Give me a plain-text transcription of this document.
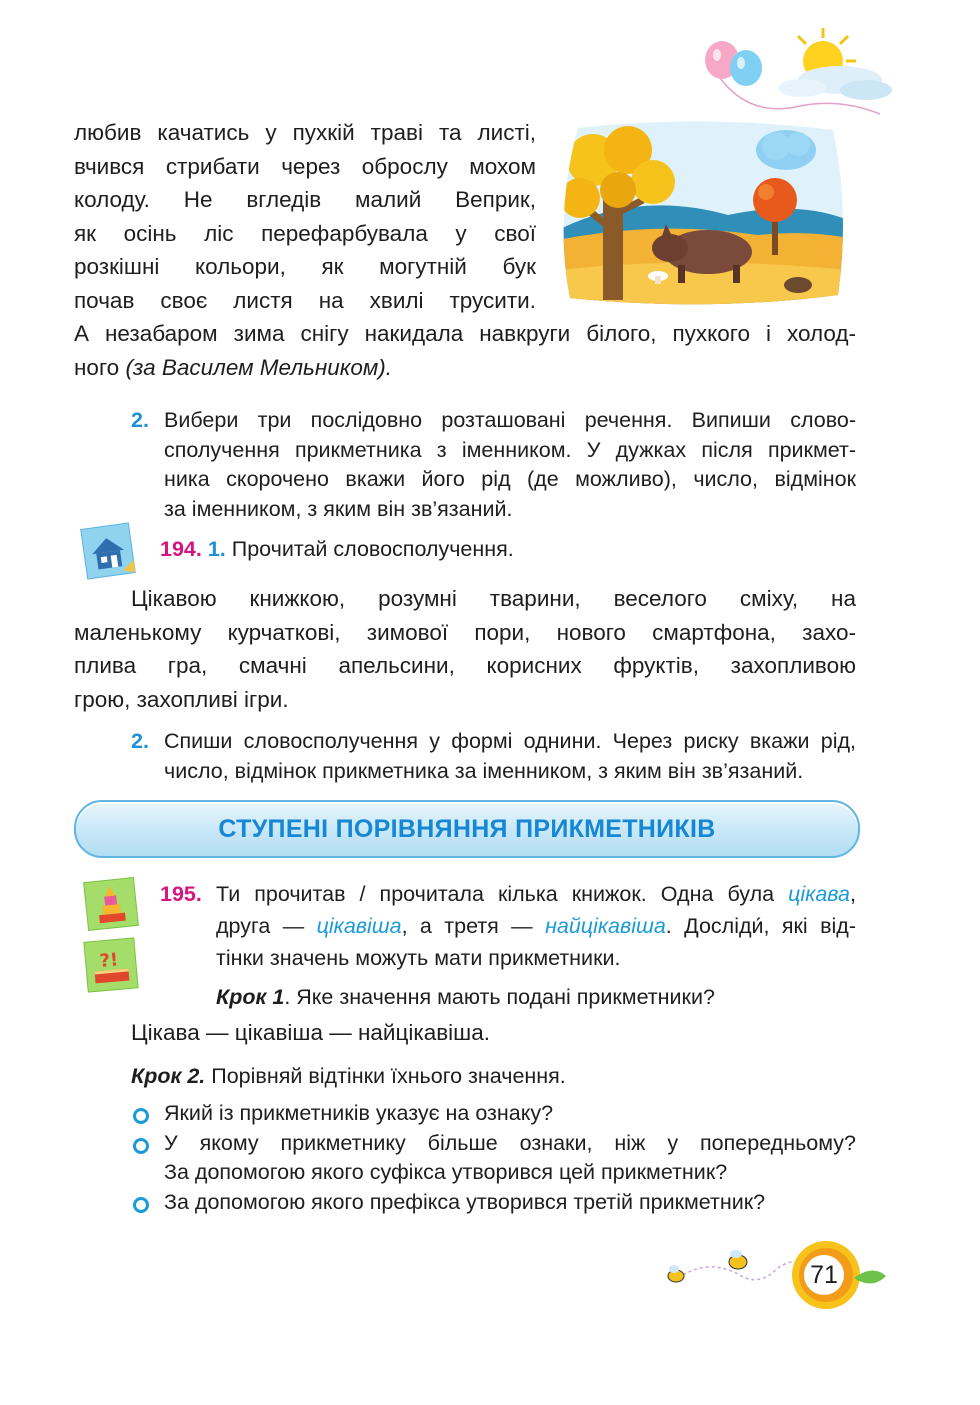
любив качатись у пухкій траві та листі,
вчився стрибати через оброслу мохом
колоду. Не вгледів малий Веприк,
як осінь ліс перефарбувала у свої
розкішні кольори, як могутній бук
почав своє листя на хвилі трусити.
А незабаром зима снігу накидала навкруги білого, пухкого і холод-
ного (за Василем Мельником).
2. Вибери три послідовно розташовані речення. Випиши слово-
сполучення прикметника з іменником. У дужках після прикмет-
ника скорочено вкажи його рід (де можливо), число, відмінок
за іменником, з яким він зв’язаний.
194. 1. Прочитай словосполучення.
Цікавою книжкою, розумні тварини, веселого сміху, на
маленькому курчаткові, зимової пори, нового смартфона, захо-
плива гра, смачні апельсини, корисних фруктів, захопливою
грою, захопливі ігри.
2. Спиши словосполучення у формі однини. Через риску вкажи рід,
число, відмінок прикметника за іменником, з яким він зв’язаний.
СТУПЕНІ ПОРІВНЯННЯ ПРИКМЕТНИКІВ
?!
195. Ти прочитав / прочитала кілька книжок. Одна була цікава,
друга — цікавіша, а третя — найцікавіша. Досліди́, які від-
тінки значень можуть мати прикметники.
Крок 1. Яке значення мають подані прикметники?
Цікава — цікавіша — найцікавіша.
Крок 2. Порівняй відтінки їхнього значення.
Який із прикметників указує на ознаку?
У якому прикметнику більше ознаки, ніж у попередньому?
За допомогою якого суфікса утворився цей прикметник?
За допомогою якого префікса утворився третій прикметник?
71
